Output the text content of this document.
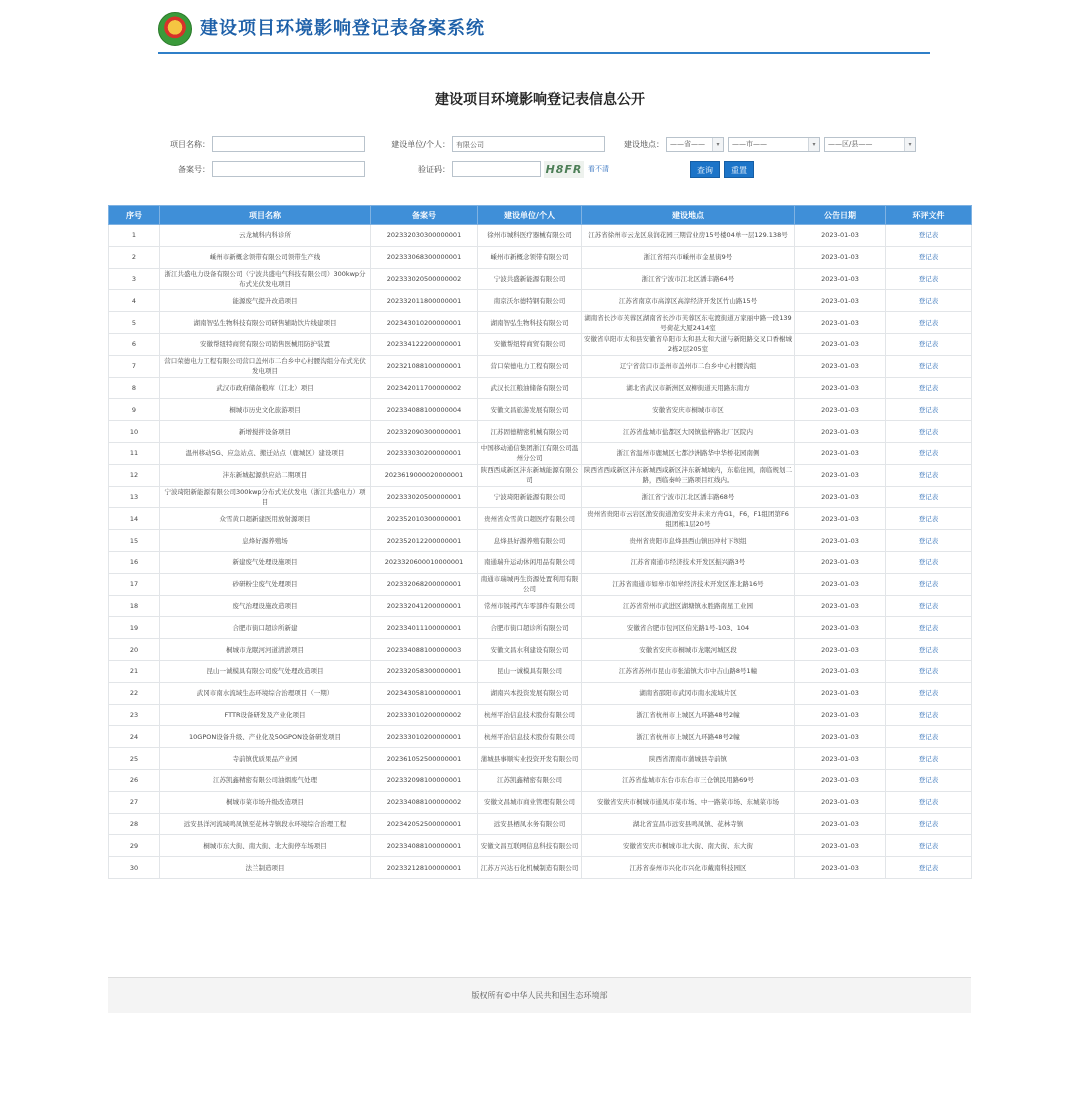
建设项目环境影响登记表备案系统
建设项目环境影响登记表信息公开
项目名称：	建设单位/个人： 有限公司	建设地点： ——省——	▾	——市——	▾	——区/县——	▾
备案号：	验证码：	H8FR 看不清	查询	重置
序号	项目名称	备案号	建设单位/个人	建设地点	公告日期	环评文件
1	云龙城科内科诊所	202332030300000001	徐州市城科医疗器械有限公司	江苏省徐州市云龙区泉润花园三期营业房15号楼04单一层129.138号	2023-01-03	登记表
2	嵊州市新概念领带有限公司领带生产线	202333068300000001	嵊州市新概念领带有限公司	浙江省绍兴市嵊州市金星街9号	2023-01-03	登记表
3	浙江共盛电力设备有限公司（宁波共盛电气科技有限公司）300kwp分布式光伏发电项目	202333020500000002	宁波共盛新能源有限公司	浙江省宁波市江北区潘丰路64号	2023-01-03	登记表
4	能源废气提升改造项目	202332011800000001	南京沃尔德特钢有限公司	江苏省南京市高淳区高淳经济开发区竹山路15号	2023-01-03	登记表
5	湖南智弘生物科技有限公司研售辅助饮片线建项目	202343010200000001	湖南智弘生物科技有限公司	湖南省长沙市芙蓉区湖南省长沙市芙蓉区东屯渡街道万家丽中路一段139号荷花大厦2414室	2023-01-03	登记表
6	安徽帮纽特商贸有限公司销售医械用防护装置	202334122200000001	安徽帮纽特商贸有限公司	安徽省阜阳市太和县安徽省阜阳市太和县太和大道与新阳路交叉口香榭城2栋2层205室	2023-01-03	登记表
7	营口荣德电力工程有限公司营口盖州市二台乡中心村腰沟组分布式光伏发电项目	202321088100000001	营口荣德电力工程有限公司	辽宁省营口市盖州市盖州市二台乡中心村腰沟组	2023-01-03	登记表
8	武汉市政府储备粮库（江北）项目	202342011700000002	武汉长江粮油储备有限公司	湖北省武汉市新洲区双柳街道天用路东南方	2023-01-03	登记表
9	桐城市历史文化旅游项目	202334088100000004	安徽文昌旅游发展有限公司	安徽省安庆市桐城市市区	2023-01-03	登记表
10	新增搅拌设备项目	202332090300000001	江苏固德精密机械有限公司	江苏省盐城市盐都区大冈镇盐梓路北厂区院内	2023-01-03	登记表
11	温州移动5G、应急站点、搬迁站点（鹿城区）建设项目	202333030200000001	中国移动通信集团浙江有限公司温州分公司	浙江省温州市鹿城区七都沙洲路华中华桥花园南侧	2023-01-03	登记表
12	沣东新城起源供应站二期项目	2023619000020000001	陕西西咸新区沣东新城能源有限公司	陕西省西咸新区沣东新城西咸新区沣东新城城内，东临住园，南临规划二路，西临秦岭三路项目红线内。	2023-01-03	登记表
13	宁波琦阳新能源有限公司300kwp分布式光伏发电（浙江共盛电力）项目	202333020500000001	宁波琦阳新能源有限公司	浙江省宁波市江北区潘丰路68号	2023-01-03	登记表
14	众雪黄口超新建医用放射源项目	202352010300000001	贵州省众雪黄口超医疗有限公司	贵州省贵阳市云岩区渔安街道渔安安井未来方舟G1，F6，F1组团第F6组团栋1层20号	2023-01-03	登记表
15	息烽好源养殖场	202352012200000001	息烽县好源养殖有限公司	贵州省贵阳市息烽县西山镇田冲村下坝组	2023-01-03	登记表
16	新建废气处理设施项目	2023320600010000001	南通瑞升运动休闲用品有限公司	江苏省南通市经济技术开发区振兴路3号	2023-01-03	登记表
17	砂研粉尘废气处理项目	202332068200000001	南通市瑞城再生资源处置利用有限公司	江苏省南通市如皋市如皋经济技术开发区淮北路16号	2023-01-03	登记表
18	废气治理设施改造项目	202332041200000001	常州市锐邦汽车零部件有限公司	江苏省常州市武进区湖塘镇永胜路南星工业园	2023-01-03	登记表
19	合肥市街口超诊所新建	202334011100000001	合肥市街口超诊所有限公司	安徽省合肥市包河区伯光路1号-103、104	2023-01-03	登记表
20	桐城市龙眠河河道清淤项目	202334088100000003	安徽文昌水利建设有限公司	安徽省安庆市桐城市龙眠河城区段	2023-01-03	登记表
21	昆山一诚模具有限公司废气处理改造项目	202332058300000001	昆山一诚模具有限公司	江苏省苏州市昆山市张浦镇大市中吉山路8号1幢	2023-01-03	登记表
22	武冈市南水流域生态环境综合治理项目（一期）	202343058100000001	湖南兴本投资发展有限公司	湖南省邵阳市武冈市南水流域片区	2023-01-03	登记表
23	FTTR设备研发及产业化项目	202333010200000002	杭州平治信息技术股份有限公司	浙江省杭州市上城区九环路48号2幢	2023-01-03	登记表
24	10GPON设备升级、产业化及50GPON设备研发项目	202333010200000001	杭州平治信息技术股份有限公司	浙江省杭州市上城区九环路48号2幢	2023-01-03	登记表
25	寺前镇优质果品产业园	202361052500000001	蒲城县事顺实业投资开发有限公司	陕西省渭南市蒲城县寺前镇	2023-01-03	登记表
26	江苏凯鑫精密有限公司油烟废气处理	202332098100000001	江苏凯鑫精密有限公司	江苏省盐城市东台市东台市三仓镇民用路69号	2023-01-03	登记表
27	桐城市菜市场升级改造项目	202334088100000002	安徽文昌城市商业管理有限公司	安徽省安庆市桐城市通凤市菜市场、中一路菜市场、东城菜市场	2023-01-03	登记表
28	远安县洋河流域鸣凤镇至花林寺镇段水环境综合治理工程	202342052500000001	远安县栖凤水务有限公司	湖北省宜昌市远安县鸣凤镇、花林寺镇	2023-01-03	登记表
29	桐城市东大街、南大街、北大街停车场项目	202334088100000001	安徽文昌互联网信息科技有限公司	安徽省安庆市桐城市北大街、南大街、东大街	2023-01-03	登记表
30	法兰制造项目	202332128100000001	江苏万兴达石化机械制造有限公司	江苏省泰州市兴化市兴化市戴南科技园区	2023-01-03	登记表
版权所有©中华人民共和国生态环境部
